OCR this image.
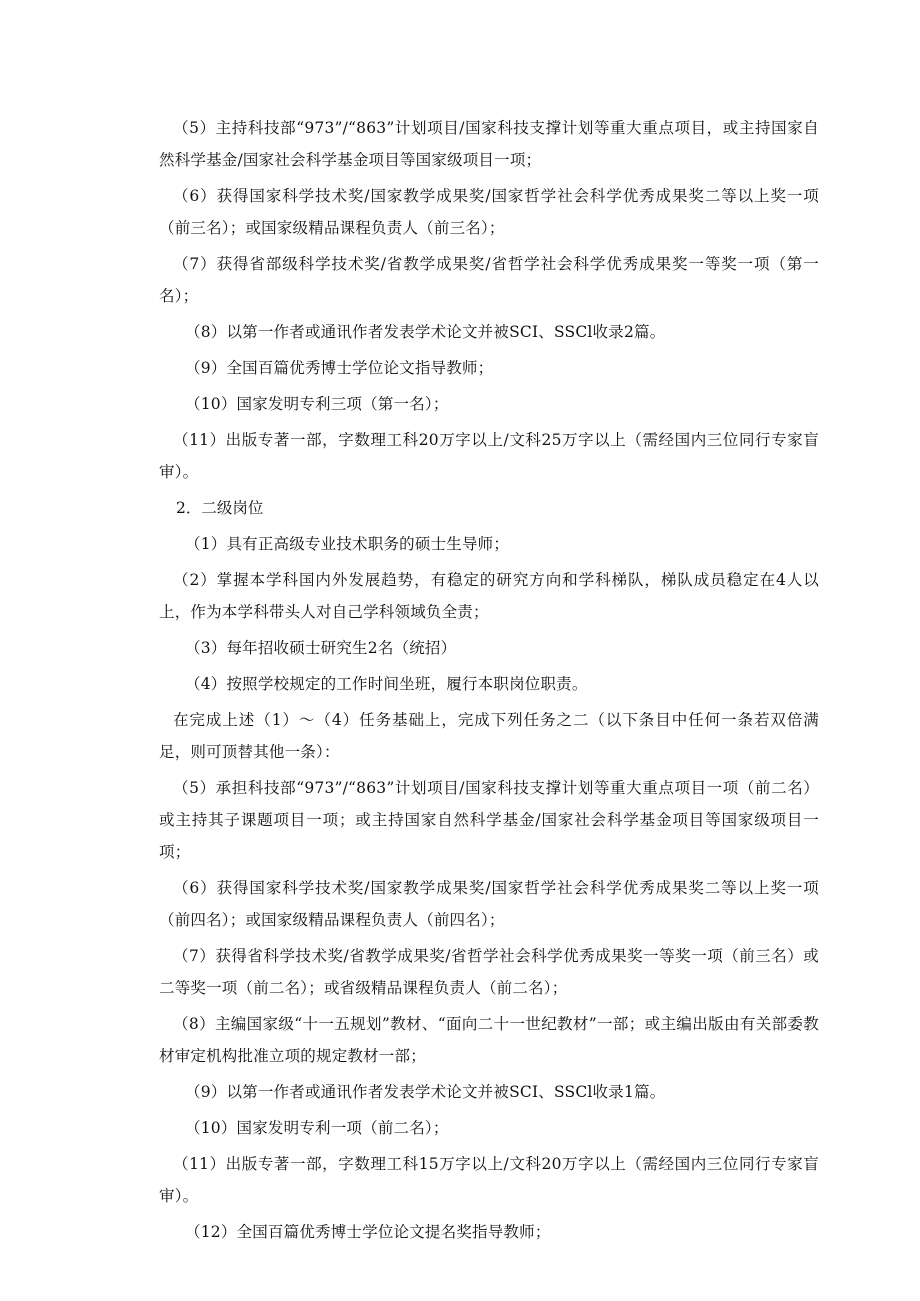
（5）主持科技部“973”/“863”计划项目/国家科技支撑计划等重大重点项目，或主持国家自然科学基金/国家社会科学基金项目等国家级项目一项；

（6）获得国家科学技术奖/国家教学成果奖/国家哲学社会科学优秀成果奖二等以上奖一项（前三名）；或国家级精品课程负责人（前三名）；

（7）获得省部级科学技术奖/省教学成果奖/省哲学社会科学优秀成果奖一等奖一项（第一名）；

（8）以第一作者或通讯作者发表学术论文并被SCI、SSCl收录2篇。

（9）全国百篇优秀博士学位论文指导教师；

（10）国家发明专利三项（第一名）；

（11）出版专著一部，字数理工科20万字以上/文科25万字以上（需经国内三位同行专家盲审）。

2．二级岗位

（1）具有正高级专业技术职务的硕士生导师；

（2）掌握本学科国内外发展趋势，有稳定的研究方向和学科梯队，梯队成员稳定在4人以上，作为本学科带头人对自己学科领域负全责；

（3）每年招收硕士研究生2名（统招）

（4）按照学校规定的工作时间坐班，履行本职岗位职责。

在完成上述（1）～（4）任务基础上，完成下列任务之二（以下条目中任何一条若双倍满足，则可顶替其他一条）：

（5）承担科技部“973”/“863”计划项目/国家科技支撑计划等重大重点项目一项（前二名）或主持其子课题项目一项；或主持国家自然科学基金/国家社会科学基金项目等国家级项目一项；

（6）获得国家科学技术奖/国家教学成果奖/国家哲学社会科学优秀成果奖二等以上奖一项（前四名）；或国家级精品课程负责人（前四名）；

（7）获得省科学技术奖/省教学成果奖/省哲学社会科学优秀成果奖一等奖一项（前三名）或二等奖一项（前二名）；或省级精品课程负责人（前二名）；

（8）主编国家级“十一五规划”教材、“面向二十一世纪教材”一部；或主编出版由有关部委教材审定机构批准立项的规定教材一部；

（9）以第一作者或通讯作者发表学术论文并被SCI、SSCl收录1篇。

（10）国家发明专利一项（前二名）；

（11）出版专著一部，字数理工科15万字以上/文科20万字以上（需经国内三位同行专家盲审）。

（12）全国百篇优秀博士学位论文提名奖指导教师；
